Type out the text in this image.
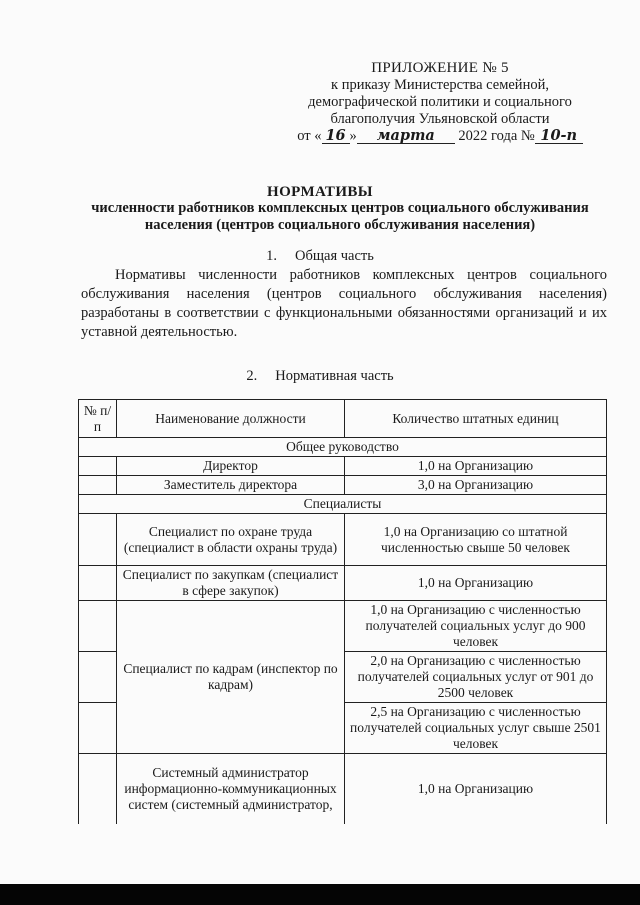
ПРИЛОЖЕНИЕ № 5
к приказу Министерства семейной,
демографической политики и социального
благополучия Ульяновской области
от « 16 » марта 2022 года № 10-п
НОРМАТИВЫ
численности работников комплексных центров социального обслуживания населения (центров социального обслуживания населения)
1. Общая часть
Нормативы численности работников комплексных центров социального обслуживания населения (центров социального обслуживания населения) разработаны в соответствии с функциональными обязанностями организаций и их уставной деятельностью.
2. Нормативная часть
№ п/п	Наименование должности	Количество штатных единиц
Общее руководство		
	Директор	1,0 на Организацию
	Заместитель директора	3,0 на Организацию
Специалисты		
	Специалист по охране труда (специалист в области охраны труда)	1,0 на Организацию со штатной численностью свыше 50 человек
	Специалист по закупкам (специалист в сфере закупок)	1,0 на Организацию
	Специалист по кадрам (инспектор по кадрам)	1,0 на Организацию с численностью получателей социальных услуг до 900 человек
		2,0 на Организацию с численностью получателей социальных услуг от 901 до 2500 человек
		2,5 на Организацию с численностью получателей социальных услуг свыше 2501 человек
	Системный администратор информационно-коммуникационных систем (системный администратор,	1,0 на Организацию
